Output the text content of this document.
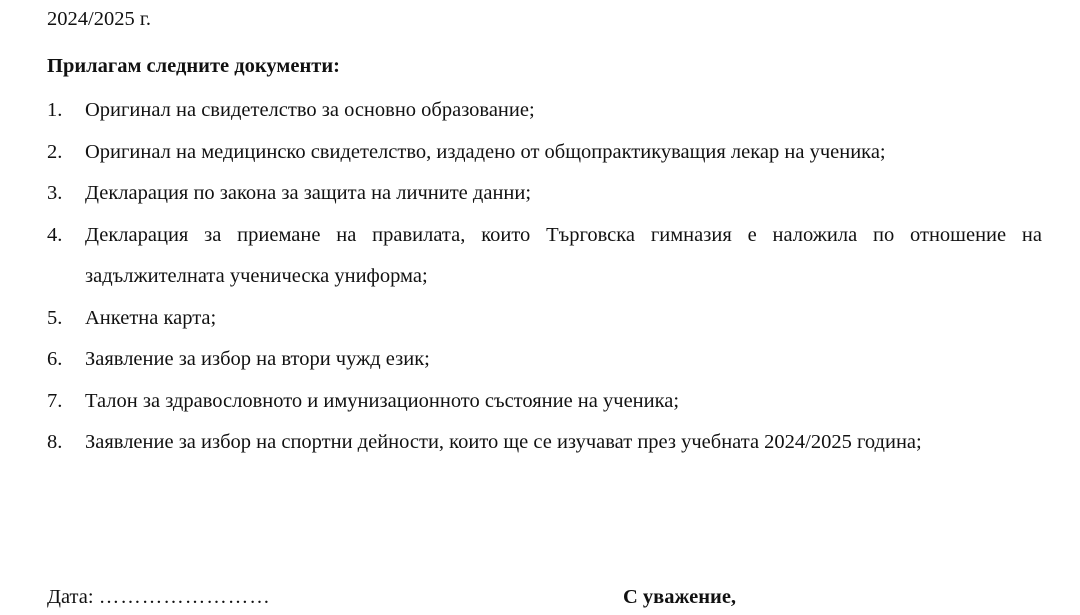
2024/2025 г.
Прилагам следните документи:
1.	Оригинал на свидетелство за основно образование;
2.	Оригинал на медицинско свидетелство, издадено от общопрактикуващия лекар на ученика;
3.	Декларация по закона за защита на личните данни;
4.	Декларация за приемане на правилата, които Търговска гимназия е наложила по отношение на задължителната ученическа униформа;
5.	Анкетна карта;
6.	Заявление за избор на втори чужд език;
7.	Талон за здравословното и имунизационното състояние на ученика;
8.	Заявление за избор на спортни дейности, които ще се изучават през учебната 2024/2025 година;
Дата: ……………………	С уважение,
